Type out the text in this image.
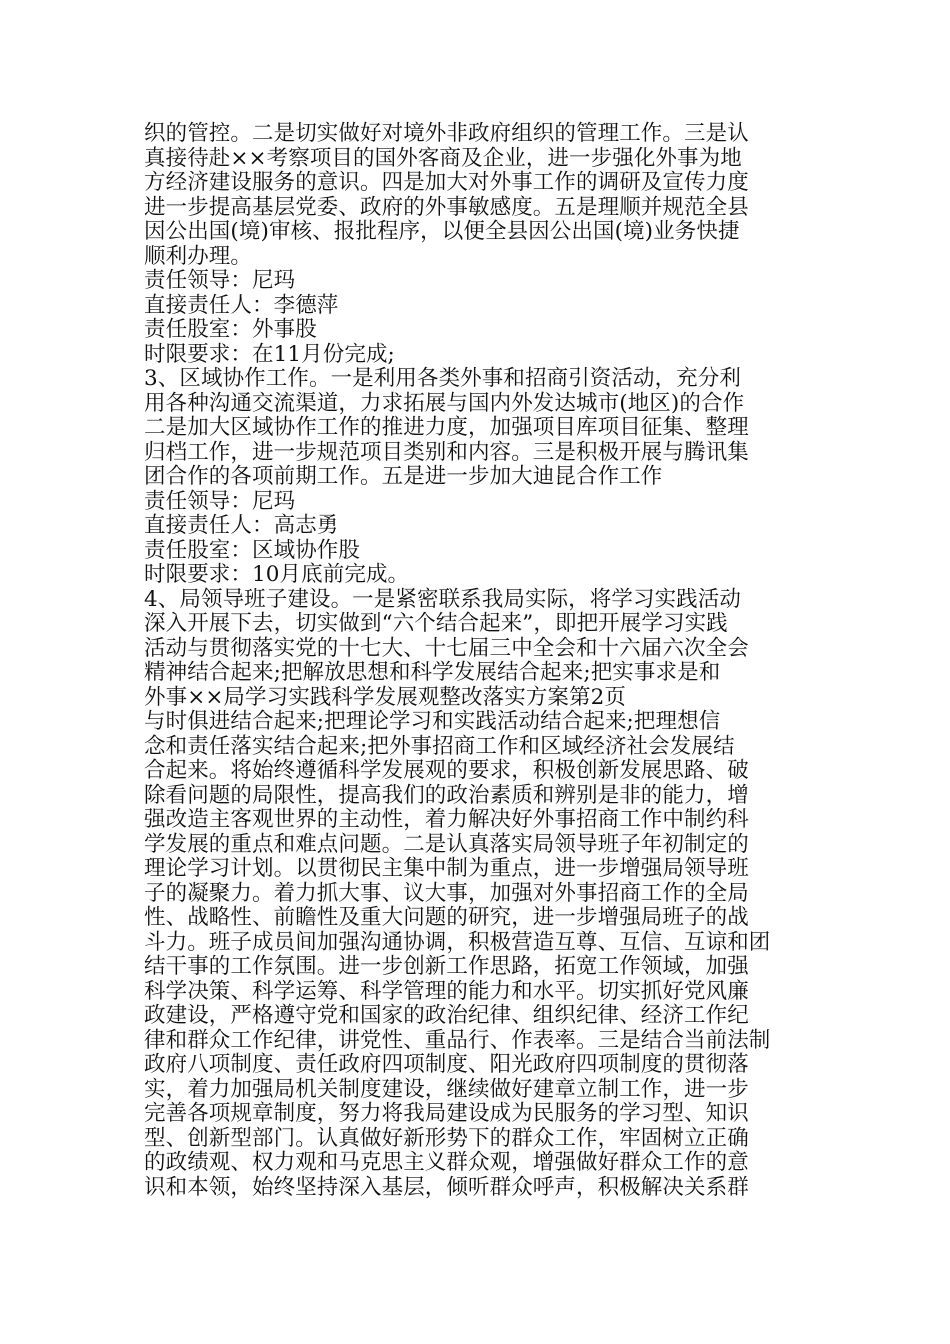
织的管控。二是切实做好对境外非政府组织的管理工作。三是认
真接待赴××考察项目的国外客商及企业，进一步强化外事为地
方经济建设服务的意识。四是加大对外事工作的调研及宣传力度
进一步提高基层党委、政府的外事敏感度。五是理顺并规范全县
因公出国(境)审核、报批程序，以便全县因公出国(境)业务快捷
顺利办理。
责任领导：尼玛
直接责任人：李德萍
责任股室：外事股
时限要求：在11月份完成;
3、区域协作工作。一是利用各类外事和招商引资活动，充分利
用各种沟通交流渠道，力求拓展与国内外发达城市(地区)的合作
二是加大区域协作工作的推进力度，加强项目库项目征集、整理
归档工作，进一步规范项目类别和内容。三是积极开展与腾讯集
团合作的各项前期工作。五是进一步加大迪昆合作工作
责任领导：尼玛
直接责任人：高志勇
责任股室：区域协作股
时限要求：10月底前完成。
4、局领导班子建设。一是紧密联系我局实际，将学习实践活动
深入开展下去，切实做到“六个结合起来”，即把开展学习实践
活动与贯彻落实党的十七大、十七届三中全会和十六届六次全会
精神结合起来;把解放思想和科学发展结合起来;把实事求是和
外事××局学习实践科学发展观整改落实方案第2页
与时俱进结合起来;把理论学习和实践活动结合起来;把理想信
念和责任落实结合起来;把外事招商工作和区域经济社会发展结
合起来。将始终遵循科学发展观的要求，积极创新发展思路、破
除看问题的局限性，提高我们的政治素质和辨别是非的能力，增
强改造主客观世界的主动性，着力解决好外事招商工作中制约科
学发展的重点和难点问题。二是认真落实局领导班子年初制定的
理论学习计划。以贯彻民主集中制为重点，进一步增强局领导班
子的凝聚力。着力抓大事、议大事，加强对外事招商工作的全局
性、战略性、前瞻性及重大问题的研究，进一步增强局班子的战
斗力。班子成员间加强沟通协调，积极营造互尊、互信、互谅和团
结干事的工作氛围。进一步创新工作思路，拓宽工作领域，加强
科学决策、科学运筹、科学管理的能力和水平。切实抓好党风廉
政建设，严格遵守党和国家的政治纪律、组织纪律、经济工作纪
律和群众工作纪律，讲党性、重品行、作表率。三是结合当前法制
政府八项制度、责任政府四项制度、阳光政府四项制度的贯彻落
实，着力加强局机关制度建设，继续做好建章立制工作，进一步
完善各项规章制度，努力将我局建设成为民服务的学习型、知识
型、创新型部门。认真做好新形势下的群众工作，牢固树立正确
的政绩观、权力观和马克思主义群众观，增强做好群众工作的意
识和本领，始终坚持深入基层，倾听群众呼声，积极解决关系群
